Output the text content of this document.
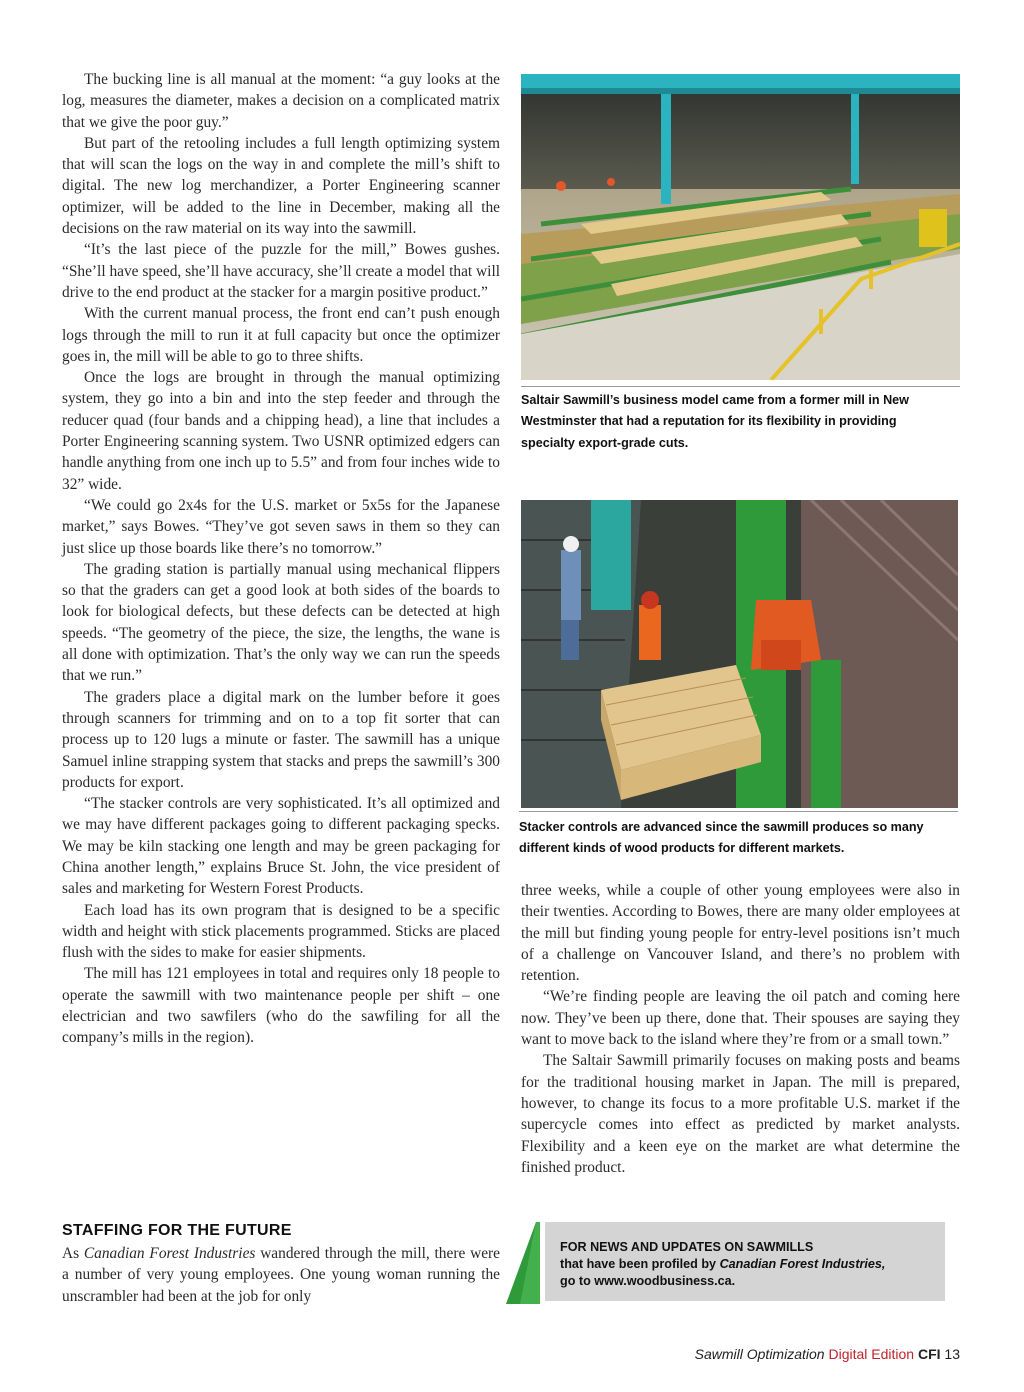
The bucking line is all manual at the moment: “a guy looks at the log, measures the diameter, makes a decision on a complicated matrix that we give the poor guy.”

But part of the retooling includes a full length optimizing system that will scan the logs on the way in and complete the mill’s shift to digital. The new log merchandizer, a Porter Engineering scanner optimizer, will be added to the line in December, making all the decisions on the raw material on its way into the sawmill.

“It’s the last piece of the puzzle for the mill,” Bowes gushes. “She’ll have speed, she’ll have accuracy, she’ll create a model that will drive to the end product at the stacker for a margin positive product.”

With the current manual process, the front end can’t push enough logs through the mill to run it at full capacity but once the optimizer goes in, the mill will be able to go to three shifts.

Once the logs are brought in through the manual optimizing system, they go into a bin and into the step feeder and through the reducer quad (four bands and a chipping head), a line that includes a Porter Engineering scanning system. Two USNR optimized edgers can handle anything from one inch up to 5.5” and from four inches wide to 32” wide.

“We could go 2x4s for the U.S. market or 5x5s for the Japanese market,” says Bowes. “They’ve got seven saws in them so they can just slice up those boards like there’s no tomorrow.”

The grading station is partially manual using mechanical flippers so that the graders can get a good look at both sides of the boards to look for biological defects, but these defects can be detected at high speeds. “The geometry of the piece, the size, the lengths, the wane is all done with optimization. That’s the only way we can run the speeds that we run.”

The graders place a digital mark on the lumber before it goes through scanners for trimming and on to a top fit sorter that can process up to 120 lugs a minute or faster. The sawmill has a unique Samuel inline strapping system that stacks and preps the sawmill’s 300 products for export.

“The stacker controls are very sophisticated. It’s all optimized and we may have different packages going to different packaging specks. We may be kiln stacking one length and may be green packaging for China another length,” explains Bruce St. John, the vice president of sales and marketing for Western Forest Products.

Each load has its own program that is designed to be a specific width and height with stick placements programmed. Sticks are placed flush with the sides to make for easier shipments.

The mill has 121 employees in total and requires only 18 people to operate the sawmill with two maintenance people per shift – one electrician and two sawfilers (who do the sawfiling for all the company’s mills in the region).

STAFFING FOR THE FUTURE

As Canadian Forest Industries wandered through the mill, there were a number of very young employees. One young woman running the unscrambler had been at the job for only

Saltair Sawmill’s business model came from a former mill in New Westminster that had a reputation for its flexibility in providing specialty export-grade cuts.
Stacker controls are advanced since the sawmill produces so many different kinds of wood products for different markets.

three weeks, while a couple of other young employees were also in their twenties. According to Bowes, there are many older employees at the mill but finding young people for entry-level positions isn’t much of a challenge on Vancouver Island, and there’s no problem with retention.

“We’re finding people are leaving the oil patch and coming here now. They’ve been up there, done that. Their spouses are saying they want to move back to the island where they’re from or a small town.”

The Saltair Sawmill primarily focuses on making posts and beams for the traditional housing market in Japan. The mill is prepared, however, to change its focus to a more profitable U.S. market if the supercycle comes into effect as predicted by market analysts. Flexibility and a keen eye on the market are what determine the finished product.

FOR NEWS AND UPDATES ON SAWMILLS
that have been profiled by Canadian Forest Industries,
go to www.woodbusiness.ca.
Sawmill Optimization Digital Edition CFI 13
